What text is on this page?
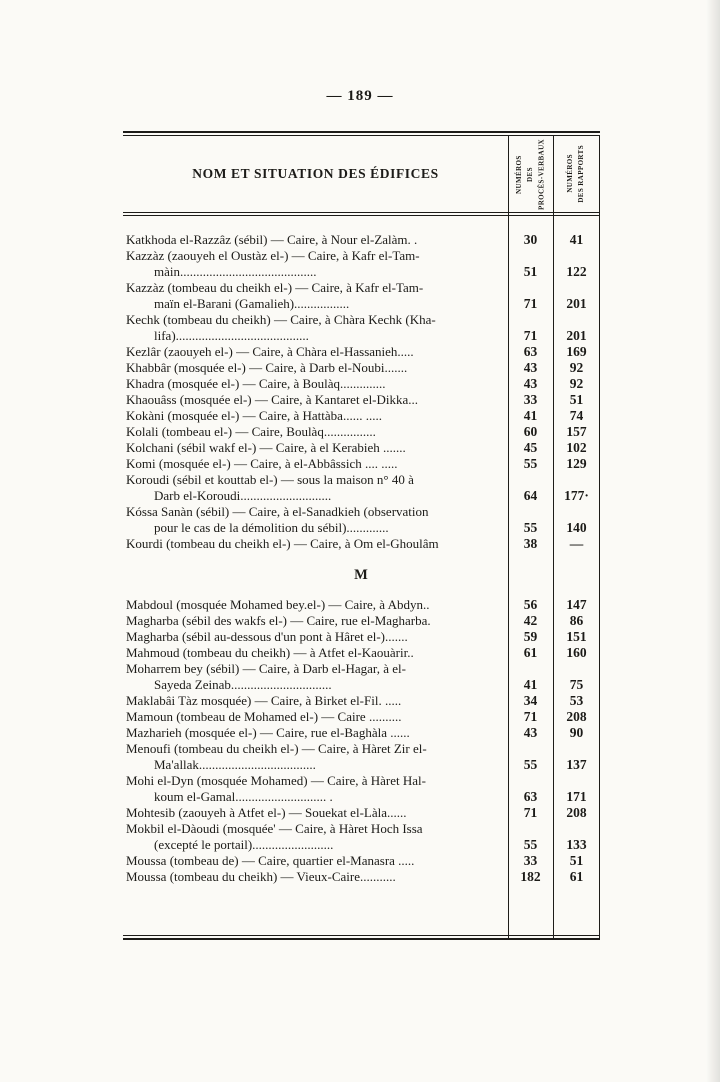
— 189 —
NOM ET SITUATION DES ÉDIFICES	NUMÉROS DES PROCÈS-VERBAUX	NUMÉROS DES RAPPORTS
Katkhoda el-Razzâz (sébil) — Caire, à Nour el-Zalàm. .	30	41
Kazzàz (zaouyeh el Oustàz el-) — Caire, à Kafr el-Tam-
màin..........................................	51	122
Kazzàz (tombeau du cheikh el-) — Caire, à Kafr el-Tam-
maïn el-Barani (Gamalieh).................	71	201
Kechk (tombeau du cheikh) — Caire, à Chàra Kechk (Kha-
lifa).........................................	71	201
Kezlâr (zaouyeh el-) — Caire, à Chàra el-Hassanieh.....	63	169
Khabbâr (mosquée el-) — Caire, à Darb el-Noubi.......	43	92
Khadra (mosquée el-) — Caire, à Boulàq..............	43	92
Khaouâss (mosquée el-) — Caire, à Kantaret el-Dikka...	33	51
Kokàni (mosquée el-) — Caire, à Hattàba...... .....	41	74
Kolali (tombeau el-) — Caire, Boulàq................	60	157
Kolchani (sébil wakf el-) — Caire, à el Kerabieh .......	45	102
Komi (mosquée el-) — Caire, à el-Abbâssich .... .....	55	129
Koroudi (sébil et kouttab el-) — sous la maison n° 40 à
Darb el-Koroudi............................	64	177·
Kóssa Sanàn (sébil) — Caire, à el-Sanadkieh (observation
pour le cas de la démolition du sébil).............	55	140
Kourdi (tombeau du cheikh el-) — Caire, à Om el-Ghoulâm	38	—
M
Mabdoul (mosquée Mohamed bey.el-) — Caire, à Abdyn..	56	147
Magharba (sébil des wakfs el-) — Caire, rue el-Magharba.	42	86
Magharba (sébil au-dessous d'un pont à Hâret el-).......	59	151
Mahmoud (tombeau du cheikh) — à Atfet el-Kaouàrir..	61	160
Moharrem bey (sébil) — Caire, à Darb el-Hagar, à el-
Sayeda Zeinab...............................	41	75
Maklabâi Tàz mosquée) — Caire, à Birket el-Fil. .....	34	53
Mamoun (tombeau de Mohamed el-) — Caire ..........	71	208
Mazharieh (mosquée el-) — Caire, rue el-Baghàla ......	43	90
Menoufi (tombeau du cheikh el-) — Caire, à Hàret Zir el-
Ma'allak....................................	55	137
Mohi el-Dyn (mosquée Mohamed) — Caire, à Hàret Hal-
koum el-Gamal............................ .	63	171
Mohtesib (zaouyeh à Atfet el-) — Souekat el-Làla......	71	208
Mokbil el-Dàoudi (mosquée' — Caire, à Hàret Hoch Issa
(excepté le portail).........................	55	133
Moussa (tombeau de) — Caire, quartier el-Manasra .....	33	51
Moussa (tombeau du cheikh) — Vieux-Caire...........	182	61
